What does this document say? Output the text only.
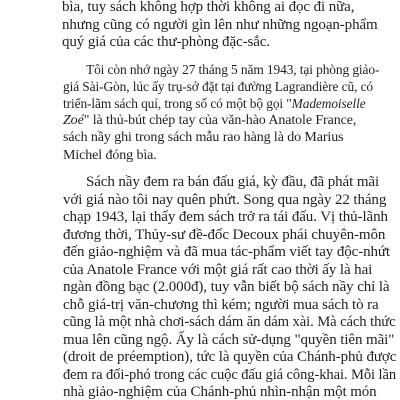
bìa, tuy sách không hợp thời không ai đọc đi nữa,
nhưng cũng có người gìn lên như những ngoạn-phẩm
quý giá của các thư-phòng đặc-sắc.
Tôi còn nhớ ngày 27 tháng 5 năm 1943, tại phòng giảo-
giá Sài-Gòn, lúc ấy trụ-sở đặt tại đường Lagrandière cũ, có
triển-lãm sách quí, trong số có một bộ gọi "Mademoiselle
Zoé" là thủ-bút chép tay của văn-hào Anatole France,
sách nầy ghi trong sách mẫu rao hàng là do Marius
Michel đóng bìa.
Sách nầy đem ra bán đấu giá, kỳ đầu, đã phát mãi
với giá nào tôi nay quên phứt. Song qua ngày 22 tháng
chạp 1943, lại thấy đem sách trở ra tái đấu. Vị thủ-lãnh
đương thời, Thủy-sư đề-đốc Decoux phái chuyên-môn
đến giảo-nghiệm và đã mua tác-phẩm viết tay độc-nhứt
của Anatole France với một giá rất cao thời ấy là hai
ngàn đồng bạc (2.000đ), tuy vẫn biết bộ sách nầy chỉ là
chỗ giá-trị văn-chương thì kém; người mua sách tò ra
cũng là một nhà chơi-sách dám ăn dám xài. Mà cách thức
mua lên cũng ngộ. Ấy là cách sử-dụng "quyền tiên mãi"
(droit de préemption), tức là quyền của Chánh-phủ được
đem ra đối-phó trong các cuộc đấu giá công-khai. Mỗi lần
nhà giảo-nghiệm của Chánh-phủ nhìn-nhận một món
